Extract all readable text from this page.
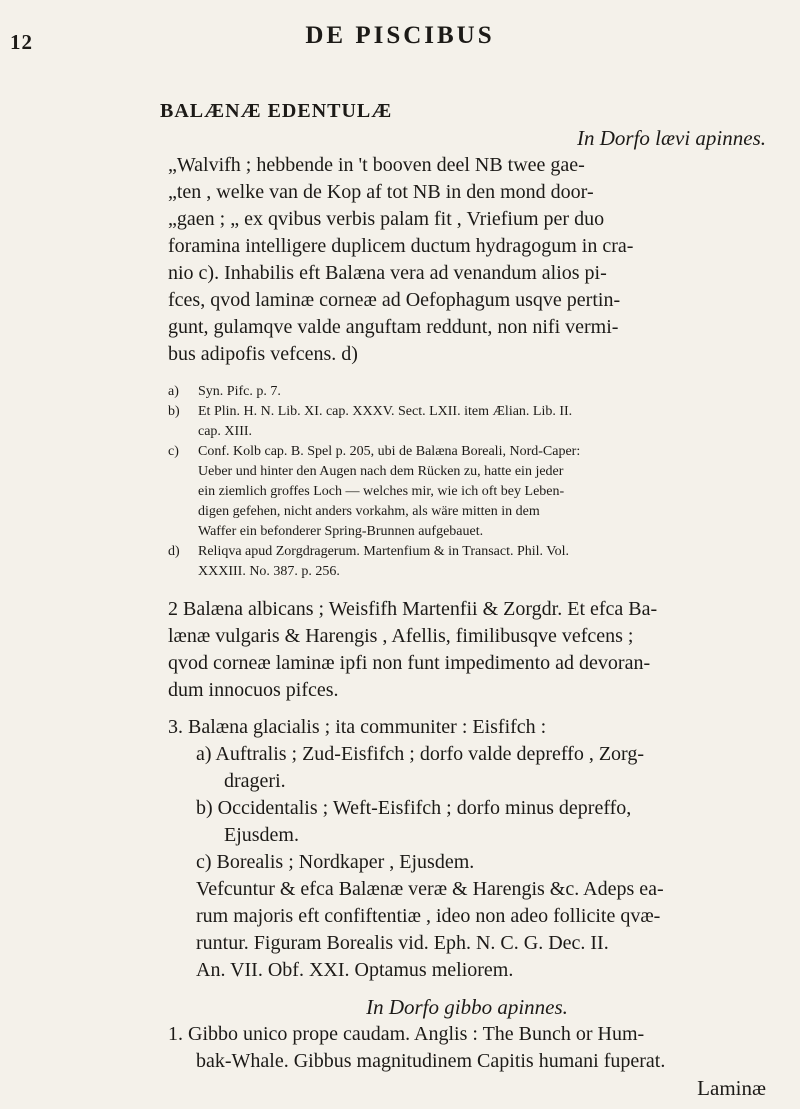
12	DE PISCIBUS
BALÆNÆ EDENTULÆ
In Dorfo lævi apinnes.
„Walvifh ; hebbende in 't booven deel NB twee gae-
„ten , welke van de Kop af tot NB in den mond door-
„gaen ; „ ex qvibus verbis palam fit , Vriefium per duo
foramina intelligere duplicem ductum hydragogum in cra-
nio c). Inhabilis eft Balæna vera ad venandum alios pi-
fces, qvod laminæ corneæ ad Oefophagum usqve pertin-
gunt, gulamqve valde anguftam reddunt, non nifi vermi-
bus adipofis vefcens. d)
a) Syn. Pifc. p. 7.
b) Et Plin. H. N. Lib. XI. cap. XXXV. Sect. LXII. item Ælian. Lib. II.
cap. XIII.
c) Conf. Kolb cap. B. Spel p. 205, ubi de Balæna Boreali, Nord-Caper:
Ueber und hinter den Augen nach dem Rücken zu, hatte ein jeder
ein ziemlich groffes Loch — welches mir, wie ich oft bey Leben-
digen gefehen, nicht anders vorkahm, als wäre mitten in dem
Waffer ein befonderer Spring-Brunnen aufgebauet.
d) Reliqva apud Zorgdragerum. Martenfium & in Transact. Phil. Vol.
XXXIII. No. 387. p. 256.
2 Balæna albicans ; Weisfifh Martenfii & Zorgdr. Et efca Ba-
lænæ vulgaris & Harengis , Afellis, fimilibusqve vefcens ;
qvod corneæ laminæ ipfi non funt impedimento ad devoran-
dum innocuos pifces.
3. Balæna glacialis ; ita communiter : Eisfifch :
a) Auftralis ; Zud-Eisfifch ; dorfo valde depreffo , Zorg-
drageri.
b) Occidentalis ; Weft-Eisfifch ; dorfo minus depreffo,
Ejusdem.
c) Borealis ; Nordkaper , Ejusdem.
Vefcuntur & efca Balænæ veræ & Harengis &c. Adeps ea-
rum majoris eft confiftentiæ , ideo non adeo follicite qvæ-
runtur. Figuram Borealis vid. Eph. N. C. G. Dec. II.
An. VII. Obf. XXI. Optamus meliorem.
In Dorfo gibbo apinnes.
1. Gibbo unico prope caudam. Anglis : The Bunch or Hum-
bak-Whale. Gibbus magnitudinem Capitis humani fuperat.
Laminæ
